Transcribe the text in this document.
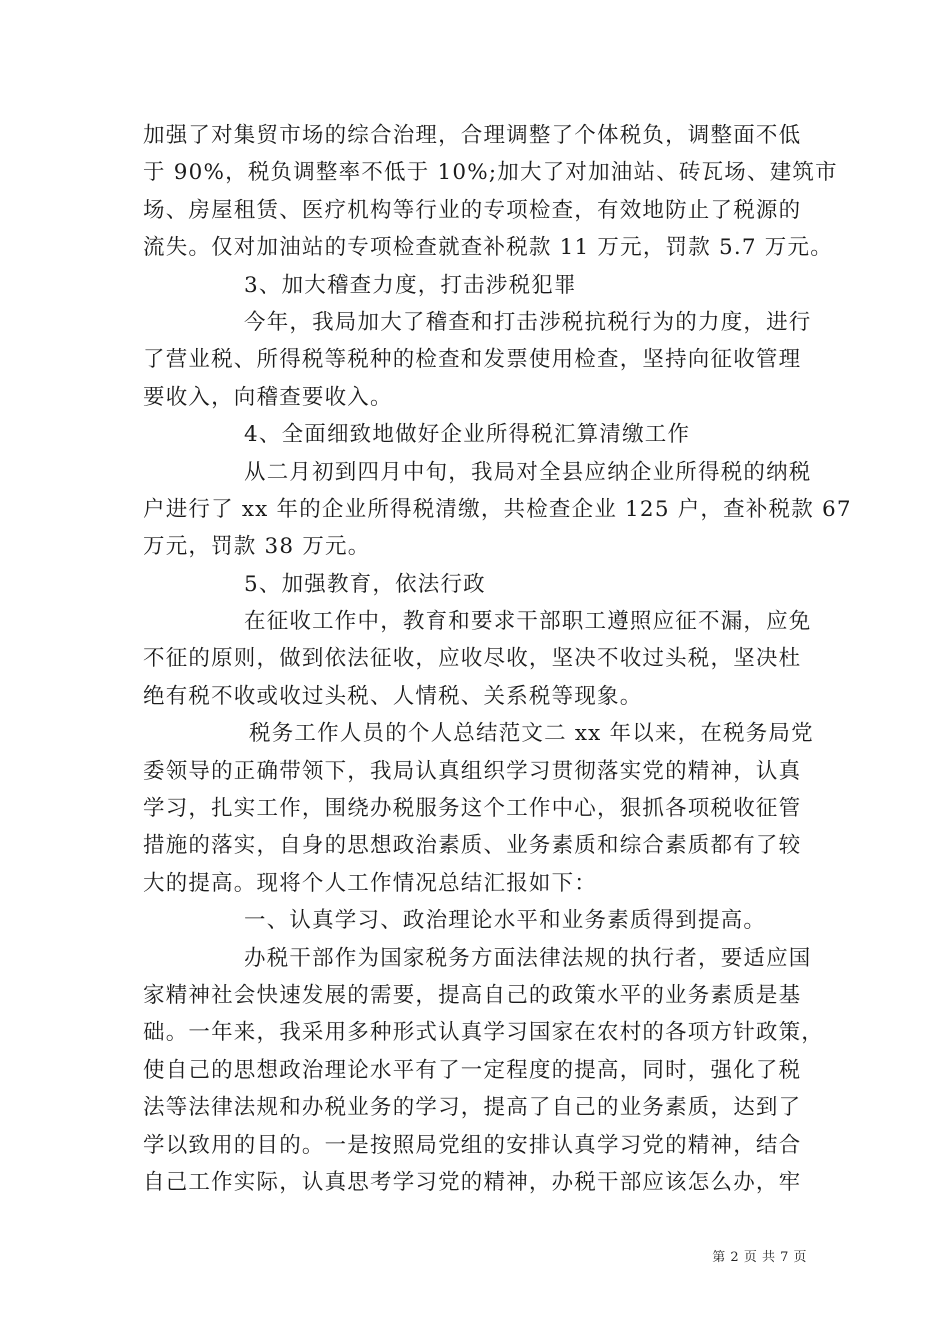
加强了对集贸市场的综合治理，合理调整了个体税负，调整面不低
于 90%，税负调整率不低于 10%;加大了对加油站、砖瓦场、建筑市
场、房屋租赁、医疗机构等行业的专项检查，有效地防止了税源的
流失。仅对加油站的专项检查就查补税款 11 万元，罚款 5.7 万元。
3、加大稽查力度，打击涉税犯罪
今年，我局加大了稽查和打击涉税抗税行为的力度，进行
了营业税、所得税等税种的检查和发票使用检查，坚持向征收管理
要收入，向稽查要收入。
4、全面细致地做好企业所得税汇算清缴工作
从二月初到四月中旬，我局对全县应纳企业所得税的纳税
户进行了 xx 年的企业所得税清缴，共检查企业 125 户，查补税款 67
万元，罚款 38 万元。
5、加强教育，依法行政
在征收工作中，教育和要求干部职工遵照应征不漏，应免
不征的原则，做到依法征收，应收尽收，坚决不收过头税，坚决杜
绝有税不收或收过头税、人情税、关系税等现象。
税务工作人员的个人总结范文二 xx 年以来，在税务局党
委领导的正确带领下，我局认真组织学习贯彻落实党的精神，认真
学习，扎实工作，围绕办税服务这个工作中心，狠抓各项税收征管
措施的落实，自身的思想政治素质、业务素质和综合素质都有了较
大的提高。现将个人工作情况总结汇报如下：
一、认真学习、政治理论水平和业务素质得到提高。
办税干部作为国家税务方面法律法规的执行者，要适应国
家精神社会快速发展的需要，提高自己的政策水平的业务素质是基
础。一年来，我采用多种形式认真学习国家在农村的各项方针政策，
使自己的思想政治理论水平有了一定程度的提高，同时，强化了税
法等法律法规和办税业务的学习，提高了自己的业务素质，达到了
学以致用的目的。一是按照局党组的安排认真学习党的精神，结合
自己工作实际，认真思考学习党的精神，办税干部应该怎么办，牢
第 2 页 共 7 页
